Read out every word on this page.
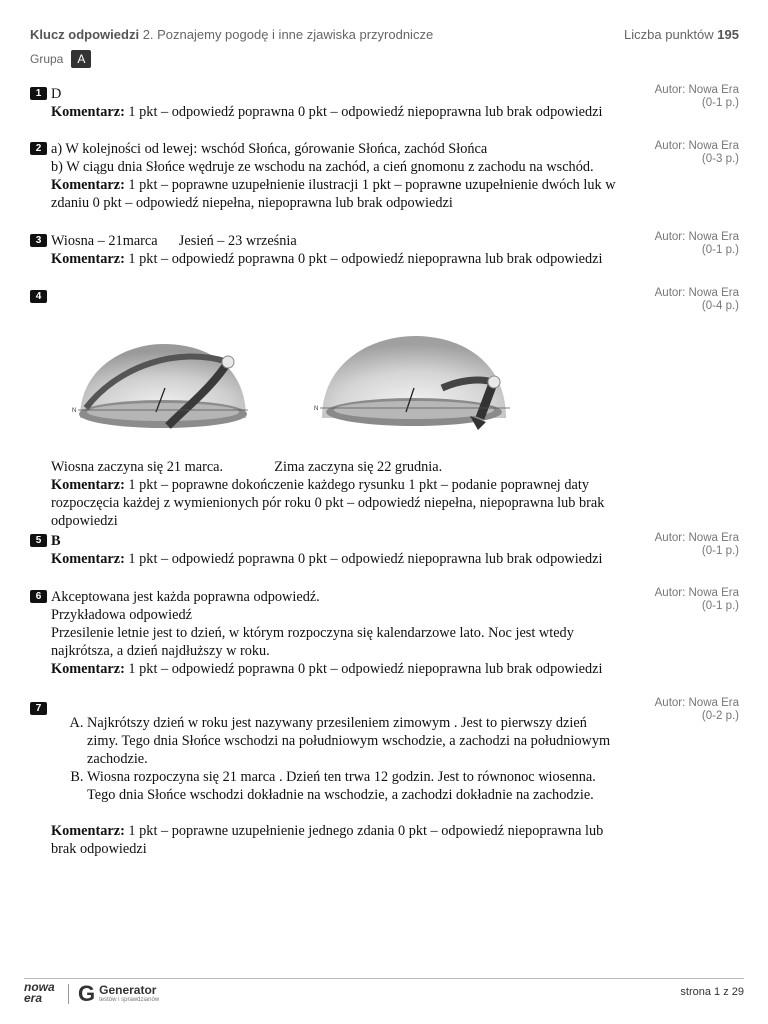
Klucz odpowiedzi 2. Poznajemy pogodę i inne zjawiska przyrodnicze	Liczba punktów 195
Grupa	A
1 D
Komentarz: 1 pkt – odpowiedź poprawna 0 pkt – odpowiedź niepoprawna lub brak odpowiedzi
Autor: Nowa Era
(0-1 p.)
2 a) W kolejności od lewej: wschód Słońca, górowanie Słońca, zachód Słońca
b) W ciągu dnia Słońce wędruje ze wschodu na zachód, a cień gnomonu z zachodu na wschód.
Komentarz: 1 pkt – poprawne uzupełnienie ilustracji 1 pkt – poprawne uzupełnienie dwóch luk w zdaniu 0 pkt – odpowiedź niepełna, niepoprawna lub brak odpowiedzi
Autor: Nowa Era
(0-3 p.)
3 Wiosna – 21marca Jesień – 23 września
Komentarz: 1 pkt – odpowiedź poprawna 0 pkt – odpowiedź niepoprawna lub brak odpowiedzi
Autor: Nowa Era
(0-1 p.)
4	Autor: Nowa Era
(0-4 p.)
N	N
Wiosna zaczyna się 21 marca.	Zima zaczyna się 22 grudnia.
Komentarz: 1 pkt – poprawne dokończenie każdego rysunku 1 pkt – podanie poprawnej daty rozpoczęcia każdej z wymienionych pór roku 0 pkt – odpowiedź niepełna, niepoprawna lub brak odpowiedzi
5 B
Komentarz: 1 pkt – odpowiedź poprawna 0 pkt – odpowiedź niepoprawna lub brak odpowiedzi
Autor: Nowa Era
(0-1 p.)
6 Akceptowana jest każda poprawna odpowiedź.
Przykładowa odpowiedź
Przesilenie letnie jest to dzień, w którym rozpoczyna się kalendarzowe lato. Noc jest wtedy najkrótsza, a dzień najdłuższy w roku.
Komentarz: 1 pkt – odpowiedź poprawna 0 pkt – odpowiedź niepoprawna lub brak odpowiedzi
Autor: Nowa Era
(0-1 p.)
7
A. Najkrótszy dzień w roku jest nazywany przesileniem zimowym . Jest to pierwszy dzień zimy. Tego dnia Słońce wschodzi na południowym wschodzie, a zachodzi na południowym zachodzie.
B. Wiosna rozpoczyna się 21 marca . Dzień ten trwa 12 godzin. Jest to równonoc wiosenna. Tego dnia Słońce wschodzi dokładnie na wschodzie, a zachodzi dokładnie na zachodzie.
Komentarz: 1 pkt – poprawne uzupełnienie jednego zdania 0 pkt – odpowiedź niepoprawna lub brak odpowiedzi
Autor: Nowa Era
(0-2 p.)
nowa
era	G Generator
testów i sprawdzianów
strona 1 z 29
